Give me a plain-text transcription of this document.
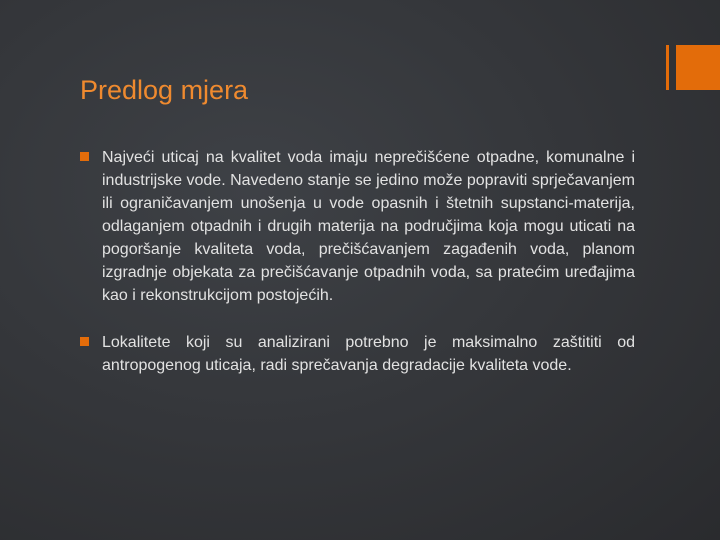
Predlog mjera
Najveći uticaj na kvalitet voda imaju neprečišćene otpadne, komunalne i industrijske vode. Navedeno stanje se jedino može popraviti sprječavanjem ili ograničavanjem unošenja u vode opasnih i štetnih supstanci-materija, odlaganjem otpadnih i drugih materija na područjima koja mogu uticati na pogoršanje kvaliteta voda, prečišćavanjem zagađenih voda, planom izgradnje objekata za prečišćavanje otpadnih voda, sa pratećim uređajima kao i rekonstrukcijom postojećih.
Lokalitete koji su analizirani potrebno je maksimalno zaštititi od antropogenog uticaja, radi sprečavanja degradacije kvaliteta vode.
